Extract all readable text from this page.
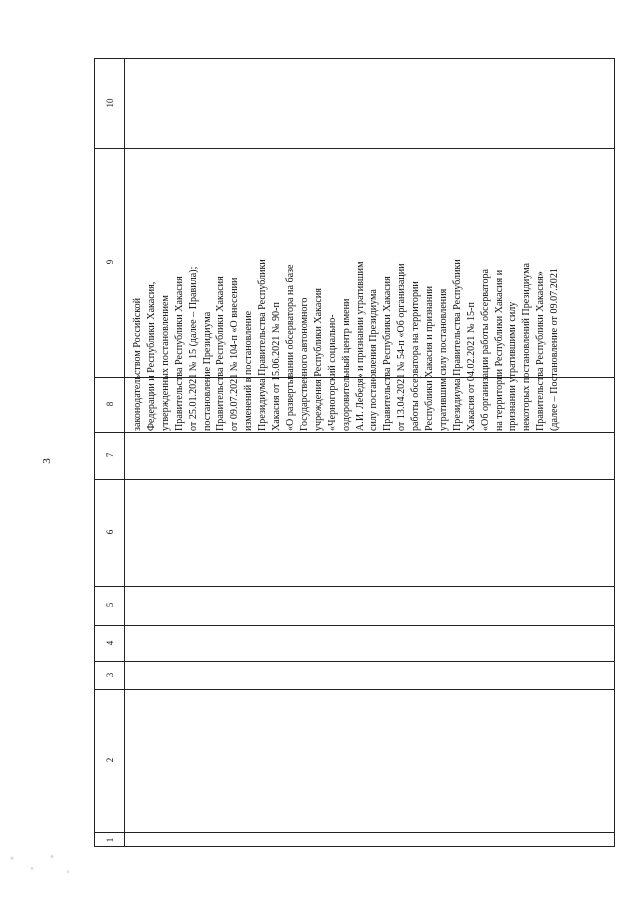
3
10
9
8
7
6
5
4
3
2
1
законодательством Российской Федерации и Республики Хакасия, утвержденных постановлением Правительства Республики Хакасия от 25.01.2021 № 15 (далее – Правила); постановление Президиума Правительства Республики Хакасия от 09.07.2021 № 104-п «О внесении изменений в постановление Президиума Правительства Республики Хакасия от 15.06.2021 № 90-п «О развертывании обсерватора на базе Государственного автономного учреждения Республики Хакасия «Черногорский социально- оздоровительный центр имени А.И. Лебедя» и признании утратившим силу постановления Президиума Правительства Республики Хакасия от 13.04.2021 № 54-п «Об организации работы обсерватора на территории Республики Хакасия и признании утратившим силу постановления Президиума Правительства Республики Хакасия от 04.02.2021 № 15-п «Об организации работы обсерватора на территории Республики Хакасия и признании утратившими силу некоторых постановлений Президиума Правительства Республики Хакасия» (далее – Постановление от 09.07.2021
